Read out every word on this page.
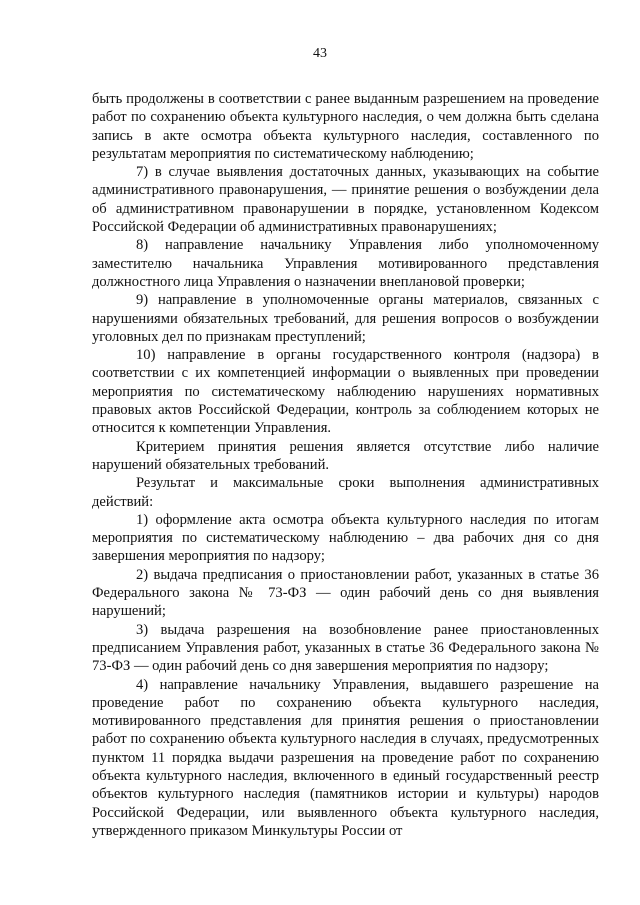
43

быть продолжены в соответствии с ранее выданным разрешением на проведение работ по сохранению объекта культурного наследия, о чем должна быть сделана запись в акте осмотра объекта культурного наследия, составленного по результатам мероприятия по систематическому наблюдению;

7) в случае выявления достаточных данных, указывающих на событие административного правонарушения, — принятие решения о возбуждении дела об административном правонарушении в порядке, установленном Кодексом Российской Федерации об административных правонарушениях;

8) направление начальнику Управления либо уполномоченному заместителю начальника Управления мотивированного представления должностного лица Управления о назначении внеплановой проверки;

9) направление в уполномоченные органы материалов, связанных с нарушениями обязательных требований, для решения вопросов о возбуждении уголовных дел по признакам преступлений;

10) направление в органы государственного контроля (надзора) в соответствии с их компетенцией информации о выявленных при проведении мероприятия по систематическому наблюдению нарушениях нормативных правовых актов Российской Федерации, контроль за соблюдением которых не относится к компетенции Управления.

Критерием принятия решения является отсутствие либо наличие нарушений обязательных требований.

Результат и максимальные сроки выполнения административных действий:

1) оформление акта осмотра объекта культурного наследия по итогам мероприятия по систематическому наблюдению – два рабочих дня со дня завершения мероприятия по надзору;

2) выдача предписания о приостановлении работ, указанных в статье 36 Федерального закона № 73-ФЗ — один рабочий день со дня выявления нарушений;

3) выдача разрешения на возобновление ранее приостановленных предписанием Управления работ, указанных в статье 36 Федерального закона № 73-ФЗ — один рабочий день со дня завершения мероприятия по надзору;

4) направление начальнику Управления, выдавшего разрешение на проведение работ по сохранению объекта культурного наследия, мотивированного представления для принятия решения о приостановлении работ по сохранению объекта культурного наследия в случаях, предусмотренных пунктом 11 порядка выдачи разрешения на проведение работ по сохранению объекта культурного наследия, включенного в единый государственный реестр объектов культурного наследия (памятников истории и культуры) народов Российской Федерации, или выявленного объекта культурного наследия, утвержденного приказом Минкультуры России от
